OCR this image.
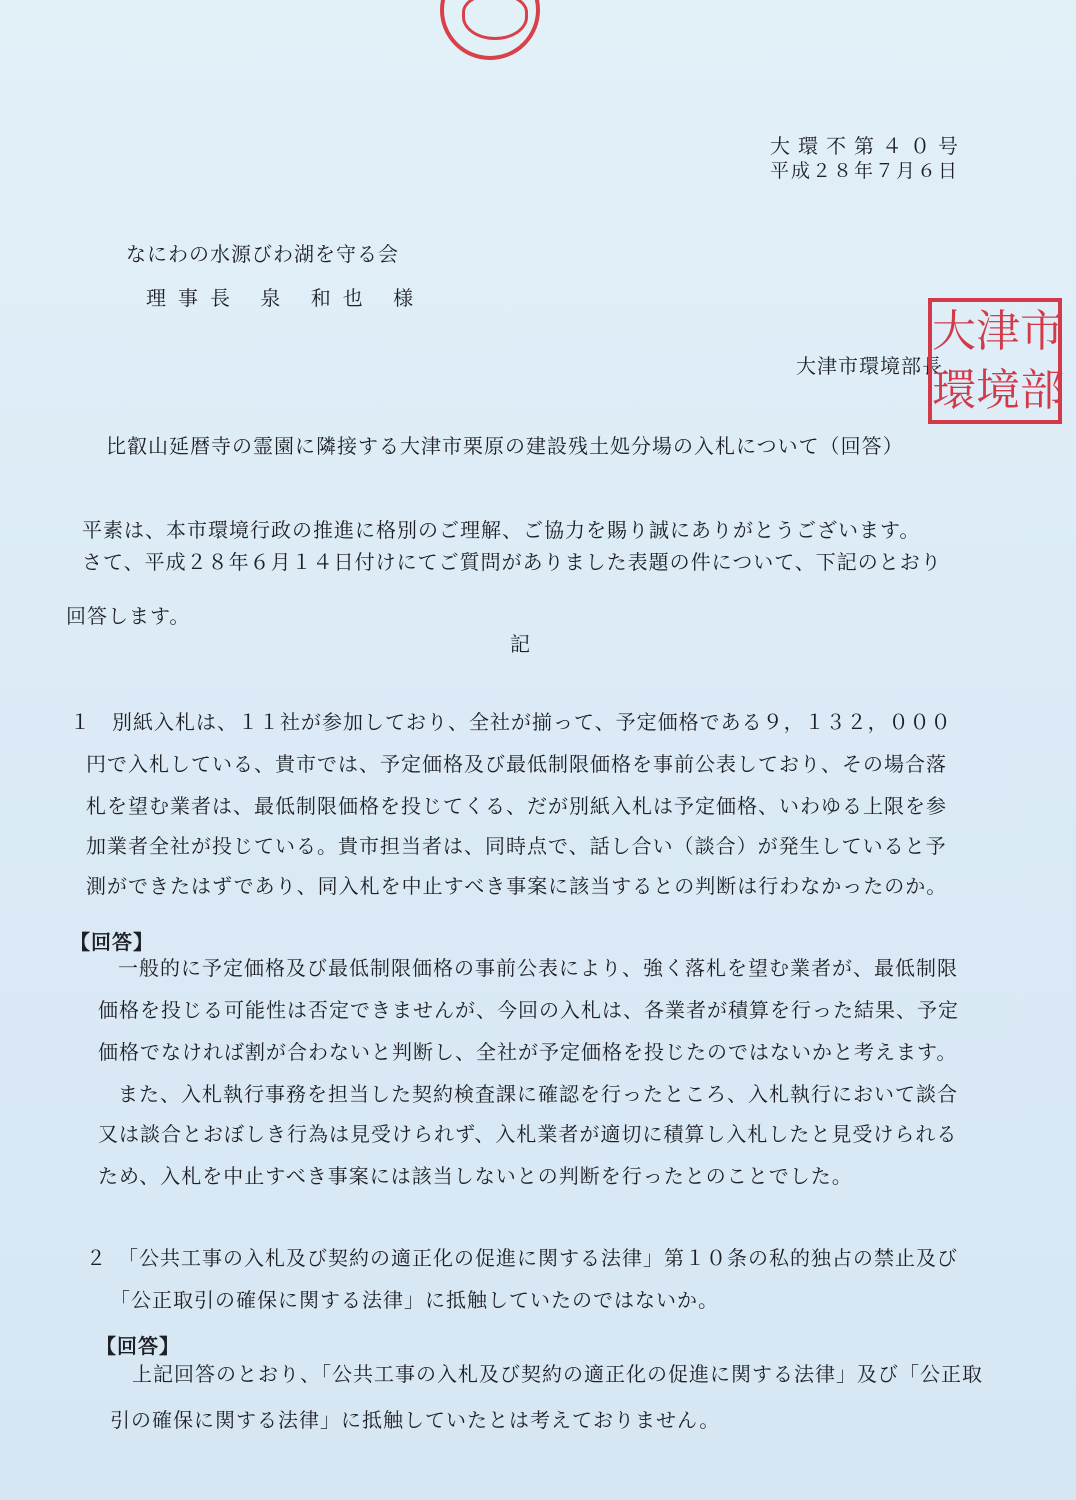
大環不第４０号
平成２８年７月６日
なにわの水源びわ湖を守る会
理事長 泉 和也 様
大津市環境部長
大 津 市
環 境 部
比叡山延暦寺の霊園に隣接する大津市栗原の建設残土処分場の入札について（回答）
平素は、本市環境行政の推進に格別のご理解、ご協力を賜り誠にありがとうございます。
さて、平成２８年６月１４日付けにてご質問がありました表題の件について、下記のとおり
回答します。
記
１　別紙入札は、１１社が参加しており、全社が揃って、予定価格である９，１３２，０００
円で入札している、貴市では、予定価格及び最低制限価格を事前公表しており、その場合落
札を望む業者は、最低制限価格を投じてくる、だが別紙入札は予定価格、いわゆる上限を参
加業者全社が投じている。貴市担当者は、同時点で、話し合い（談合）が発生していると予
測ができたはずであり、同入札を中止すべき事案に該当するとの判断は行わなかったのか。
【回答】
一般的に予定価格及び最低制限価格の事前公表により、強く落札を望む業者が、最低制限
価格を投じる可能性は否定できませんが、今回の入札は、各業者が積算を行った結果、予定
価格でなければ割が合わないと判断し、全社が予定価格を投じたのではないかと考えます。
また、入札執行事務を担当した契約検査課に確認を行ったところ、入札執行において談合
又は談合とおぼしき行為は見受けられず、入札業者が適切に積算し入札したと見受けられる
ため、入札を中止すべき事案には該当しないとの判断を行ったとのことでした。
２　「公共工事の入札及び契約の適正化の促進に関する法律」第１０条の私的独占の禁止及び
「公正取引の確保に関する法律」に抵触していたのではないか。
【回答】
上記回答のとおり、「公共工事の入札及び契約の適正化の促進に関する法律」及び「公正取
引の確保に関する法律」に抵触していたとは考えておりません。
